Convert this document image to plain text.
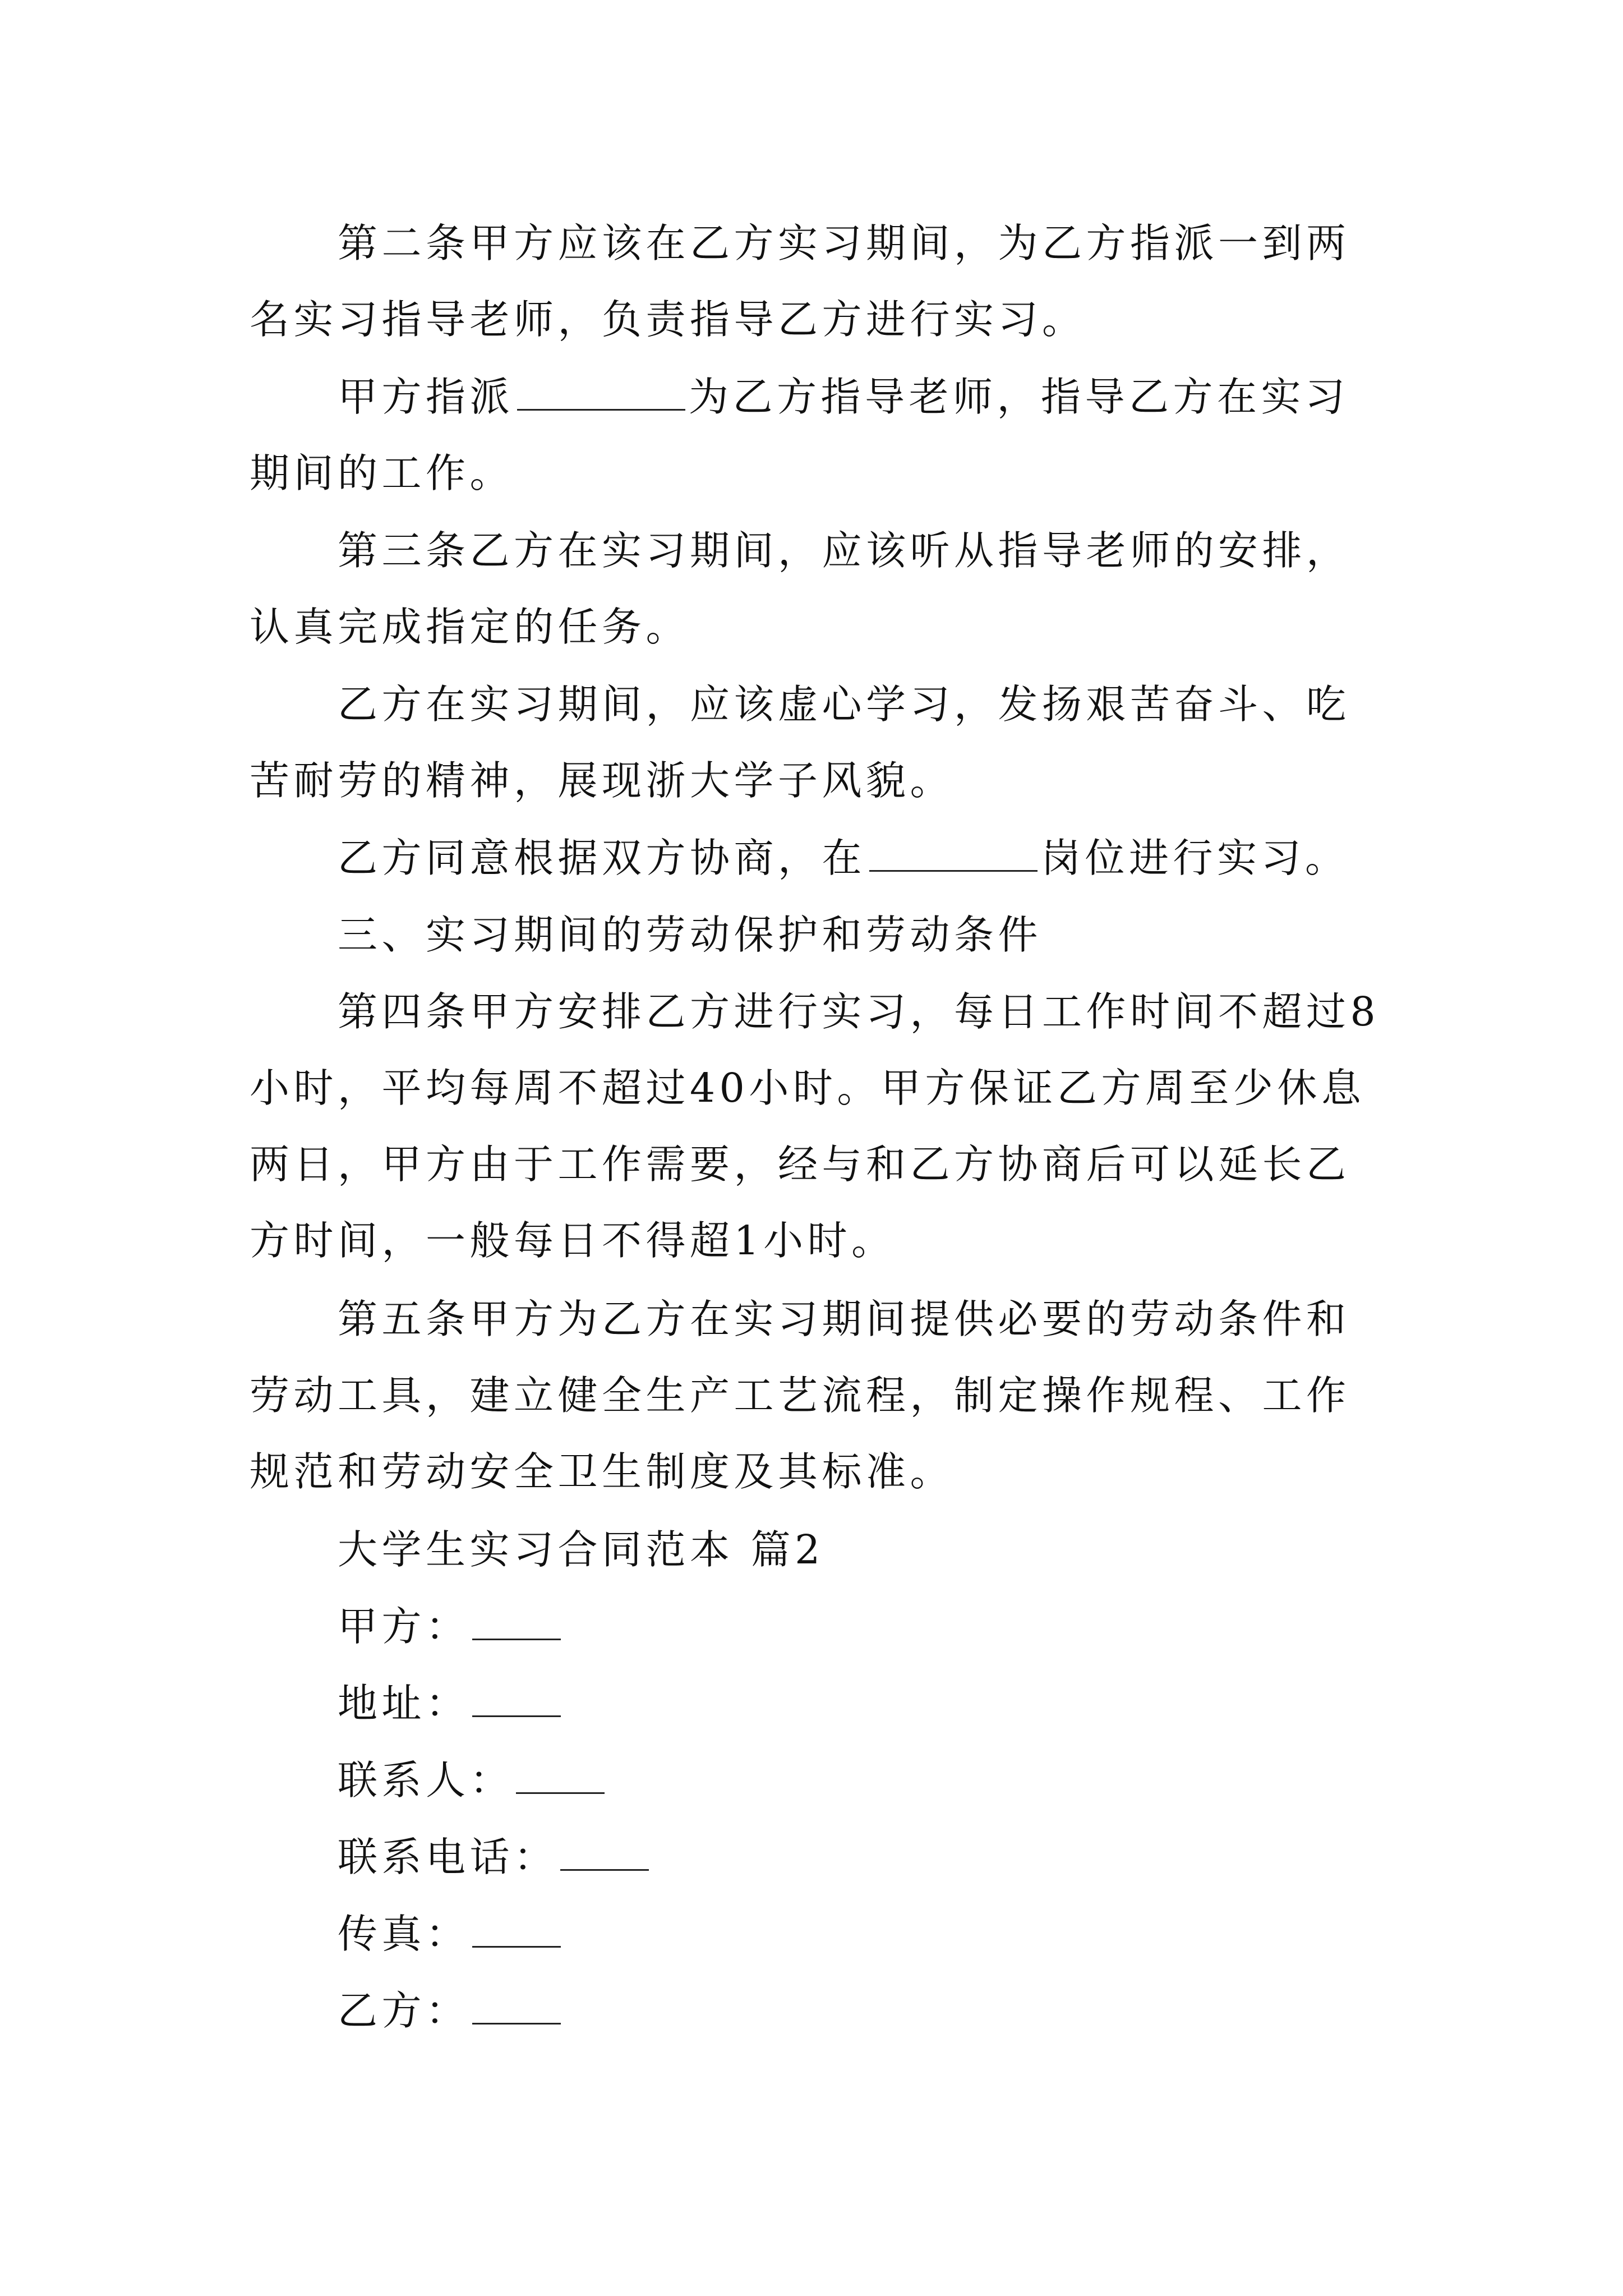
第二条甲方应该在乙方实习期间，为乙方指派一到两名实习指导老师，负责指导乙方进行实习。
甲方指派	为乙方指导老师，指导乙方在实习期间的工作。
第三条乙方在实习期间，应该听从指导老师的安排，认真完成指定的任务。
乙方在实习期间，应该虚心学习，发扬艰苦奋斗、吃苦耐劳的精神，展现浙大学子风貌。
乙方同意根据双方协商，在	岗位进行实习。
三、实习期间的劳动保护和劳动条件
第四条甲方安排乙方进行实习，每日工作时间不超过8小时，平均每周不超过40小时。甲方保证乙方周至少休息两日，甲方由于工作需要，经与和乙方协商后可以延长乙方时间，一般每日不得超1小时。
第五条甲方为乙方在实习期间提供必要的劳动条件和劳动工具，建立健全生产工艺流程，制定操作规程、工作规范和劳动安全卫生制度及其标准。
大学生实习合同范本 篇2
甲方：
地址：
联系人：
联系电话：
传真：
乙方：
